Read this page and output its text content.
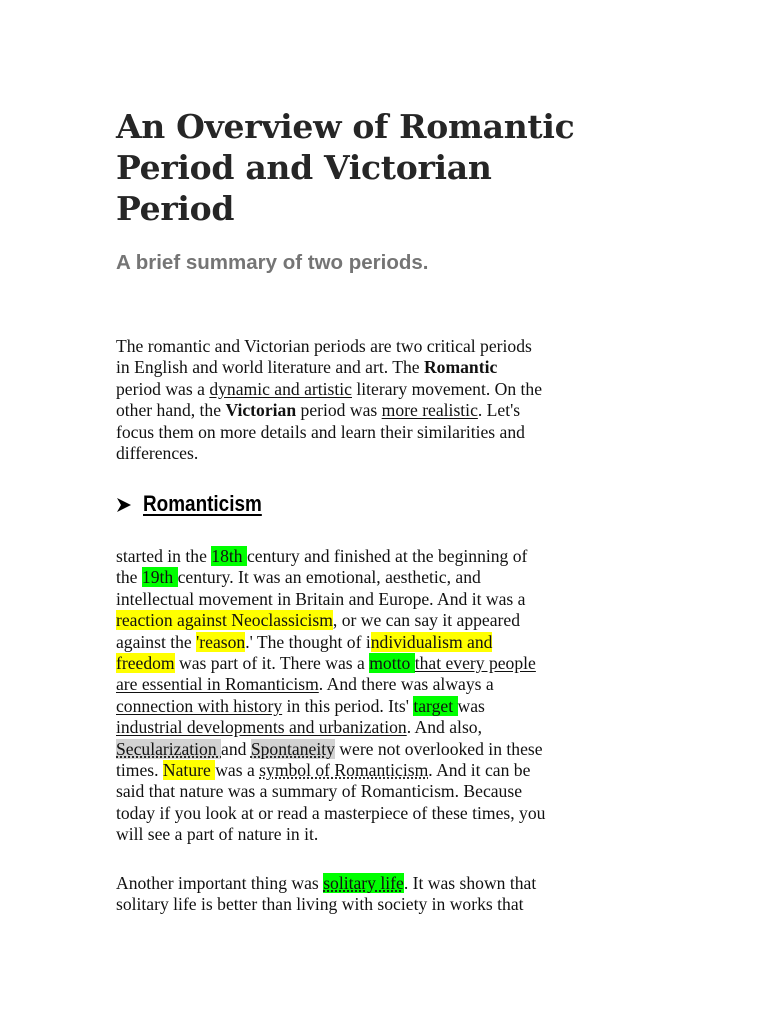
An Overview of Romantic
Period and Victorian
Period

A brief summary of two periods.

The romantic and Victorian periods are two critical periods
in English and world literature and art. The Romantic
period was a dynamic and artistic literary movement. On the
other hand, the Victorian period was more realistic. Let's
focus them on more details and learn their similarities and
differences.

Romanticism

started in the 18th century and finished at the beginning of
the 19th century. It was an emotional, aesthetic, and
intellectual movement in Britain and Europe. And it was a
reaction against Neoclassicism, or we can say it appeared
against the 'reason.' The thought of individualism and
freedom was part of it. There was a motto that every people
are essential in Romanticism. And there was always a
connection with history in this period. Its' target was
industrial developments and urbanization. And also,
Secularization and Spontaneity were not overlooked in these
times. Nature was a symbol of Romanticism. And it can be
said that nature was a summary of Romanticism. Because
today if you look at or read a masterpiece of these times, you
will see a part of nature in it.

Another important thing was solitary life. It was shown that
solitary life is better than living with society in works that
